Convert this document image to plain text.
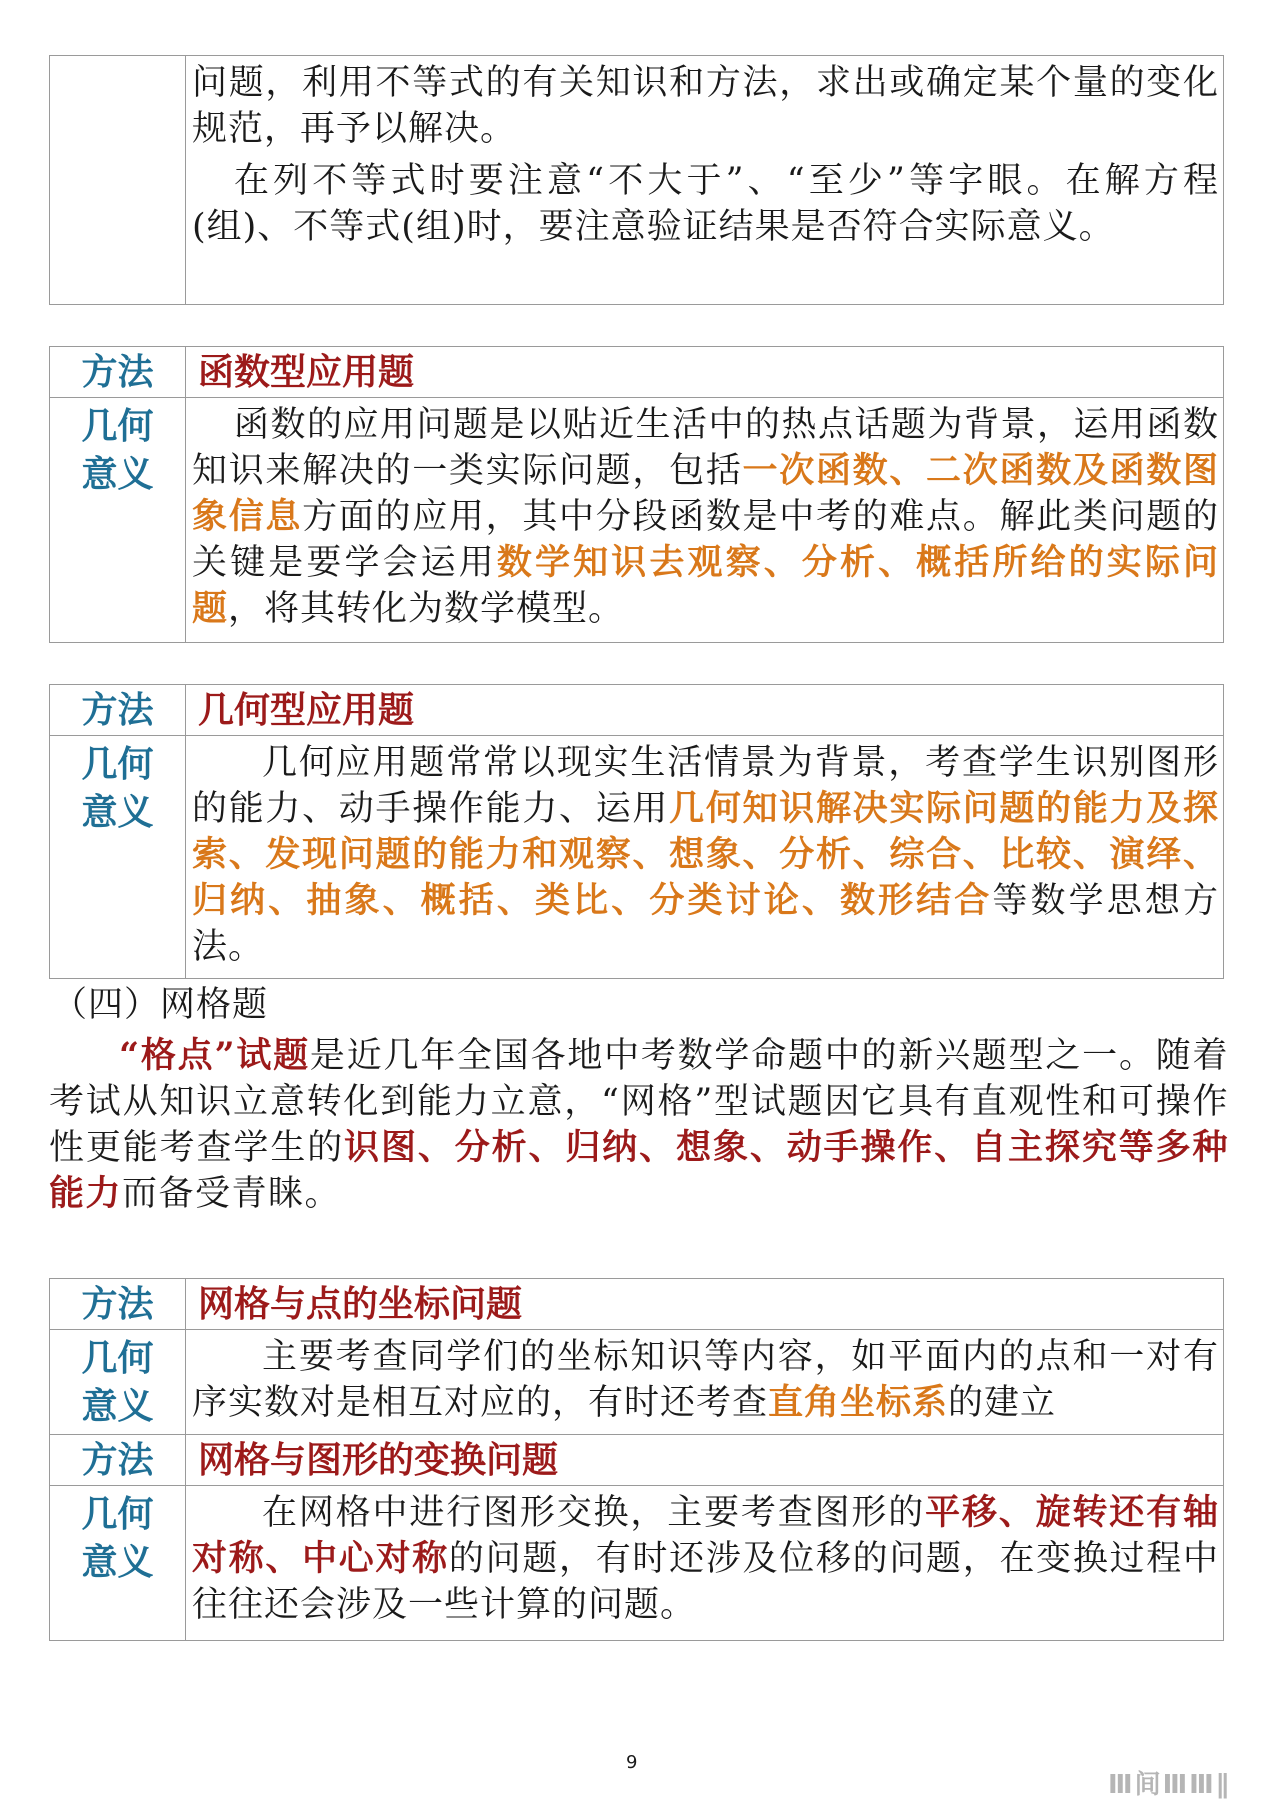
问题，利用不等式的有关知识和方法，求出或确定某个量的变化规范，再予以解决。

在列不等式时要注意“不大于”、“至少”等字眼。在解方程(组)、不等式(组)时，要注意验证结果是否符合实际意义。

方法	函数型应用题
几何意义	函数的应用问题是以贴近生活中的热点话题为背景，运用函数知识来解决的一类实际问题，包括一次函数、二次函数及函数图象信息方面的应用，其中分段函数是中考的难点。解此类问题的关键是要学会运用数学知识去观察、分析、概括所给的实际问题，将其转化为数学模型。

方法	几何型应用题
几何意义	几何应用题常常以现实生活情景为背景，考查学生识别图形的能力、动手操作能力、运用几何知识解决实际问题的能力及探索、发现问题的能力和观察、想象、分析、综合、比较、演绎、归纳、抽象、概括、类比、分类讨论、数形结合等数学思想方法。

（四）网格题
“格点”试题是近几年全国各地中考数学命题中的新兴题型之一。随着考试从知识立意转化到能力立意，“网格”型试题因它具有直观性和可操作性更能考查学生的识图、分析、归纳、想象、动手操作、自主探究等多种能力而备受青睐。
方法	网格与点的坐标问题
几何意义	主要考查同学们的坐标知识等内容，如平面内的点和一对有序实数对是相互对应的，有时还考查直角坐标系的建立

方法	网格与图形的变换问题
几何意义	在网格中进行图形交换，主要考查图形的平移、旋转还有轴对称、中心对称的问题，有时还涉及位移的问题，在变换过程中往往还会涉及一些计算的问题。

9
Ⅲ间ⅢⅢ∥
